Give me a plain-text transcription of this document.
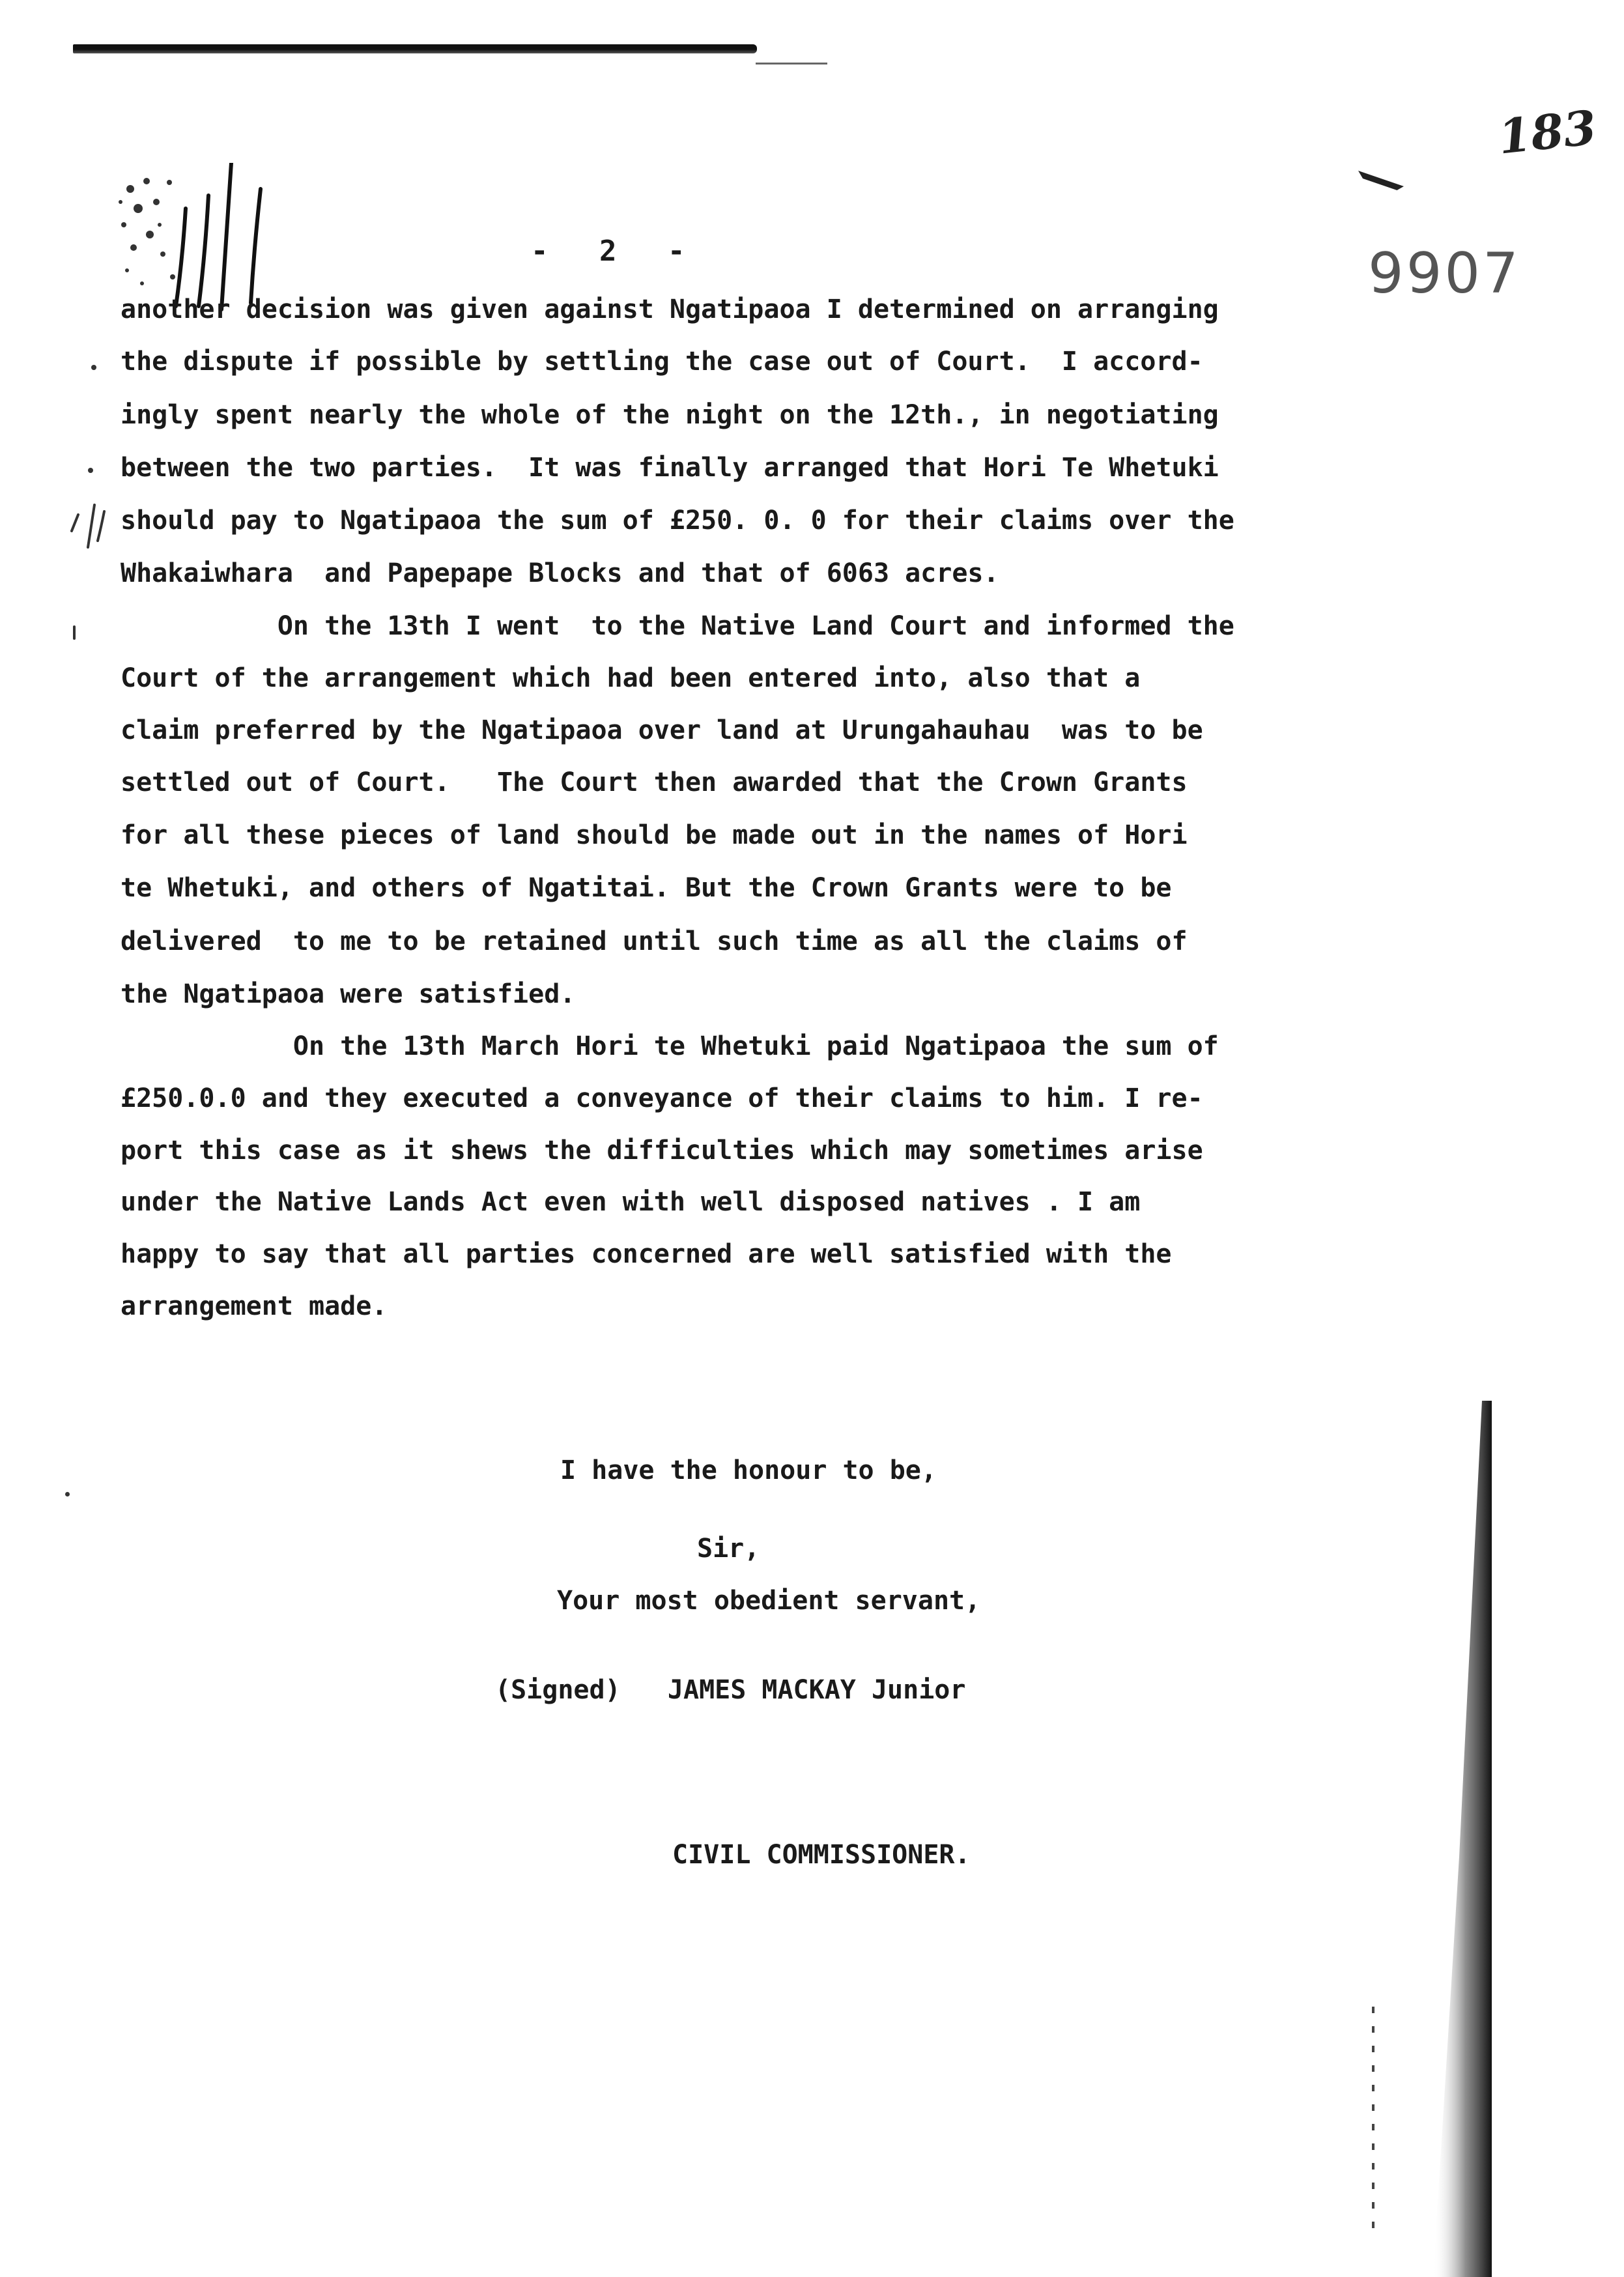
183
9907
- 2 -
another decision was given against Ngatipaoa I determined on arranging
the dispute if possible by settling the case out of Court.  I accord-
ingly spent nearly the whole of the night on the 12th., in negotiating
between the two parties.  It was finally arranged that Hori Te Whetuki
should pay to Ngatipaoa the sum of £250. 0. 0 for their claims over the
Whakaiwhara  and Papepape Blocks and that of 6063 acres.
On the 13th I went  to the Native Land Court and informed the
Court of the arrangement which had been entered into, also that a
claim preferred by the Ngatipaoa over land at Urungahauhau  was to be
settled out of Court.   The Court then awarded that the Crown Grants
for all these pieces of land should be made out in the names of Hori
te Whetuki, and others of Ngatitai. But the Crown Grants were to be
delivered  to me to be retained until such time as all the claims of
the Ngatipaoa were satisfied.
On the 13th March Hori te Whetuki paid Ngatipaoa the sum of
£250.0.0 and they executed a conveyance of their claims to him. I re-
port this case as it shews the difficulties which may sometimes arise
under the Native Lands Act even with well disposed natives . I am
happy to say that all parties concerned are well satisfied with the
arrangement made.
I have the honour to be,
Sir,
Your most obedient servant,
(Signed)   JAMES MACKAY Junior
CIVIL COMMISSIONER.
